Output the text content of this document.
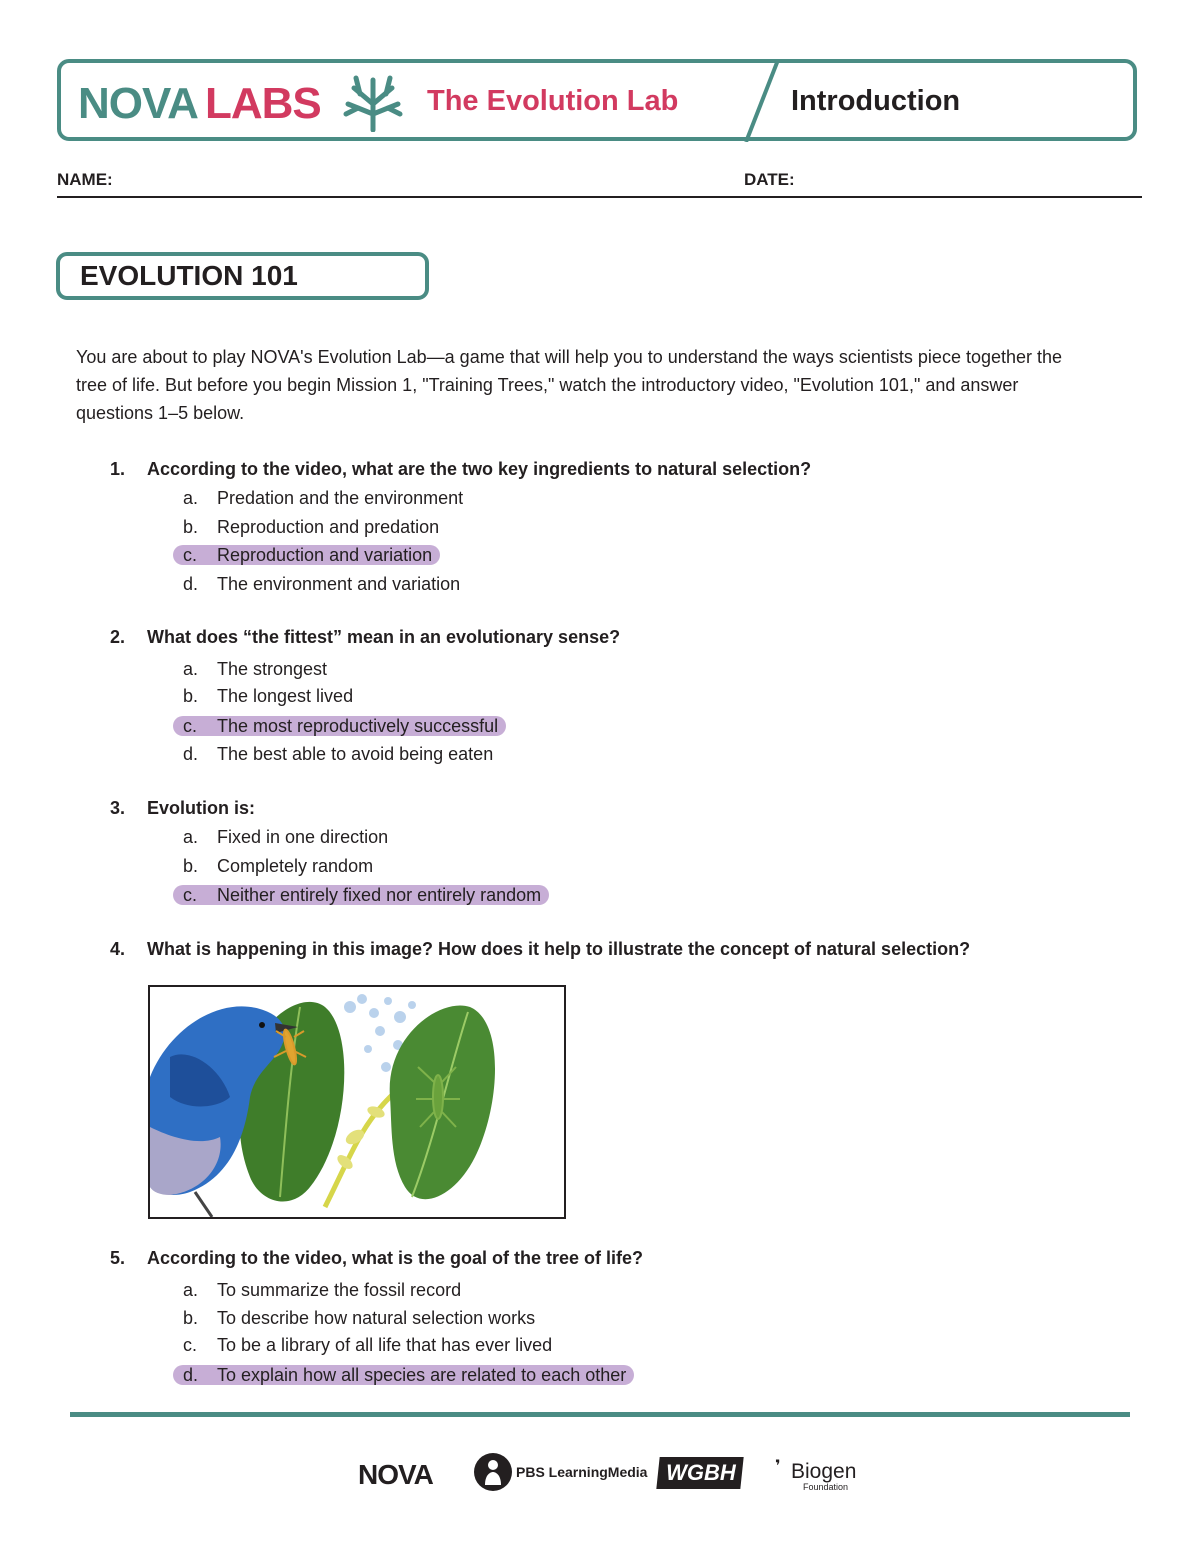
NOVA LABS	The Evolution Lab	Introduction
NAME:	DATE:
EVOLUTION 101
You are about to play NOVA's Evolution Lab—a game that will help you to understand the ways scientists piece together the tree of life. But before you begin Mission 1, "Training Trees," watch the introductory video, "Evolution 101," and answer questions 1–5 below.
1. According to the video, what are the two key ingredients to natural selection?
a. Predation and the environment
b. Reproduction and predation
c. Reproduction and variation
d. The environment and variation
2. What does “the fittest” mean in an evolutionary sense?
a. The strongest
b. The longest lived
c. The most reproductively successful
d. The best able to avoid being eaten
3. Evolution is:
a. Fixed in one direction
b. Completely random
c. Neither entirely fixed nor entirely random
4. What is happening in this image? How does it help to illustrate the concept of natural selection?
5. According to the video, what is the goal of the tree of life?
a. To summarize the fossil record
b. To describe how natural selection works
c. To be a library of all life that has ever lived
d. To explain how all species are related to each other
NOVA	PBS LearningMedia WGBH ❜ Biogen
Foundation
